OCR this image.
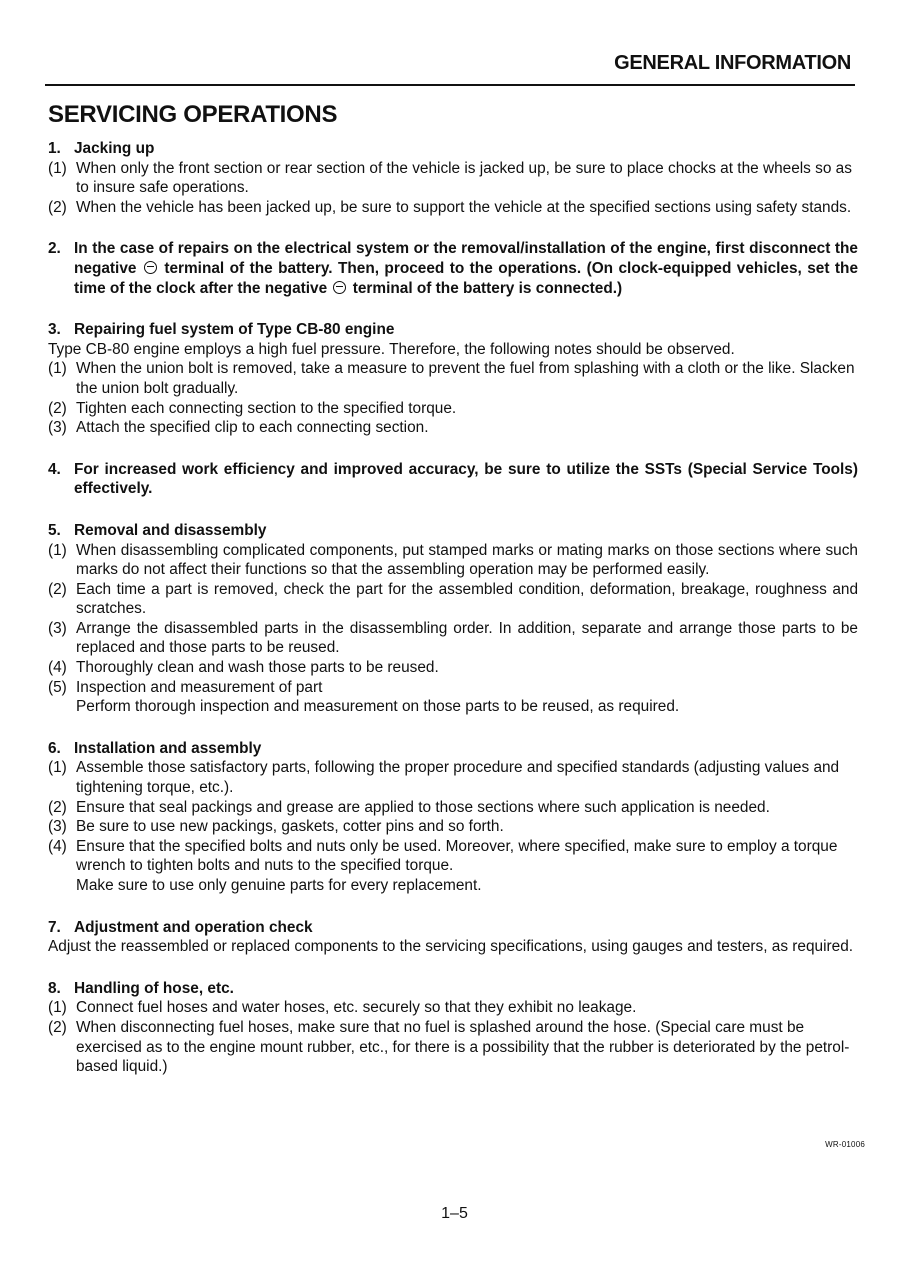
GENERAL INFORMATION
SERVICING OPERATIONS
1. Jacking up
(1) When only the front section or rear section of the vehicle is jacked up, be sure to place chocks at the wheels so as to insure safe operations.
(2) When the vehicle has been jacked up, be sure to support the vehicle at the specified sections using safety stands.
2. In the case of repairs on the electrical system or the removal/installation of the engine, first disconnect the negative terminal of the battery. Then, proceed to the operations. (On clock-equipped vehicles, set the time of the clock after the negative terminal of the battery is connected.)
3. Repairing fuel system of Type CB-80 engine
Type CB-80 engine employs a high fuel pressure. Therefore, the following notes should be observed.
(1) When the union bolt is removed, take a measure to prevent the fuel from splashing with a cloth or the like. Slacken the union bolt gradually.
(2) Tighten each connecting section to the specified torque.
(3) Attach the specified clip to each connecting section.
4. For increased work efficiency and improved accuracy, be sure to utilize the SSTs (Special Service Tools) effectively.
5. Removal and disassembly
(1) When disassembling complicated components, put stamped marks or mating marks on those sections where such marks do not affect their functions so that the assembling operation may be performed easily.
(2) Each time a part is removed, check the part for the assembled condition, deformation, breakage, roughness and scratches.
(3) Arrange the disassembled parts in the disassembling order. In addition, separate and arrange those parts to be replaced and those parts to be reused.
(4) Thoroughly clean and wash those parts to be reused.
(5) Inspection and measurement of part
Perform thorough inspection and measurement on those parts to be reused, as required.
6. Installation and assembly
(1) Assemble those satisfactory parts, following the proper procedure and specified standards (adjusting values and tightening torque, etc.).
(2) Ensure that seal packings and grease are applied to those sections where such application is needed.
(3) Be sure to use new packings, gaskets, cotter pins and so forth.
(4) Ensure that the specified bolts and nuts only be used. Moreover, where specified, make sure to employ a torque wrench to tighten bolts and nuts to the specified torque.
Make sure to use only genuine parts for every replacement.
7. Adjustment and operation check
Adjust the reassembled or replaced components to the servicing specifications, using gauges and testers, as required.
8. Handling of hose, etc.
(1) Connect fuel hoses and water hoses, etc. securely so that they exhibit no leakage.
(2) When disconnecting fuel hoses, make sure that no fuel is splashed around the hose. (Special care must be exercised as to the engine mount rubber, etc., for there is a possibility that the rubber is deteriorated by the petrol-based liquid.)
WR-01006
1–5
